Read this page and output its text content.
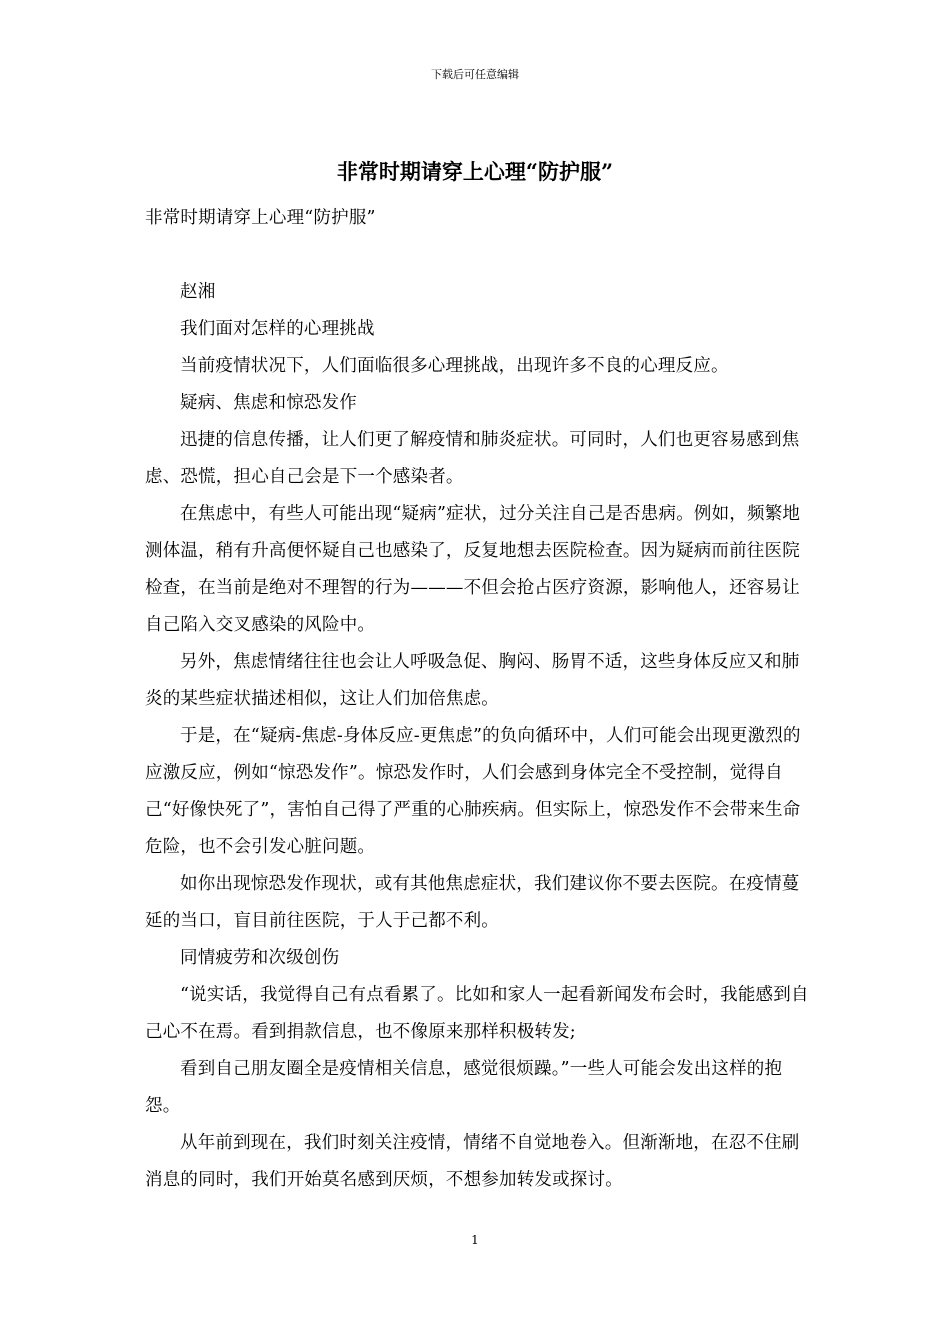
下载后可任意编辑
非常时期请穿上心理“防护服”

非常时期请穿上心理“防护服”

赵湘

我们面对怎样的心理挑战

当前疫情状况下，人们面临很多心理挑战，出现许多不良的心理反应。

疑病、焦虑和惊恐发作

迅捷的信息传播，让人们更了解疫情和肺炎症状。可同时，人们也更容易感到焦虑、恐慌，担心自己会是下一个感染者。

在焦虑中，有些人可能出现“疑病”症状，过分关注自己是否患病。例如，频繁地测体温，稍有升高便怀疑自己也感染了，反复地想去医院检查。因为疑病而前往医院检查，在当前是绝对不理智的行为———不但会抢占医疗资源，影响他人，还容易让自己陷入交叉感染的风险中。

另外，焦虑情绪往往也会让人呼吸急促、胸闷、肠胃不适，这些身体反应又和肺炎的某些症状描述相似，这让人们加倍焦虑。

于是，在“疑病-焦虑-身体反应-更焦虑”的负向循环中，人们可能会出现更激烈的应激反应，例如“惊恐发作”。惊恐发作时，人们会感到身体完全不受控制，觉得自己“好像快死了”，害怕自己得了严重的心肺疾病。但实际上，惊恐发作不会带来生命危险，也不会引发心脏问题。

如你出现惊恐发作现状，或有其他焦虑症状，我们建议你不要去医院。在疫情蔓延的当口，盲目前往医院，于人于己都不利。

同情疲劳和次级创伤

“说实话，我觉得自己有点看累了。比如和家人一起看新闻发布会时，我能感到自己心不在焉。看到捐款信息，也不像原来那样积极转发;

看到自己朋友圈全是疫情相关信息，感觉很烦躁。”一些人可能会发出这样的抱怨。

从年前到现在，我们时刻关注疫情，情绪不自觉地卷入。但渐渐地，在忍不住刷消息的同时，我们开始莫名感到厌烦，不想参加转发或探讨。

1
